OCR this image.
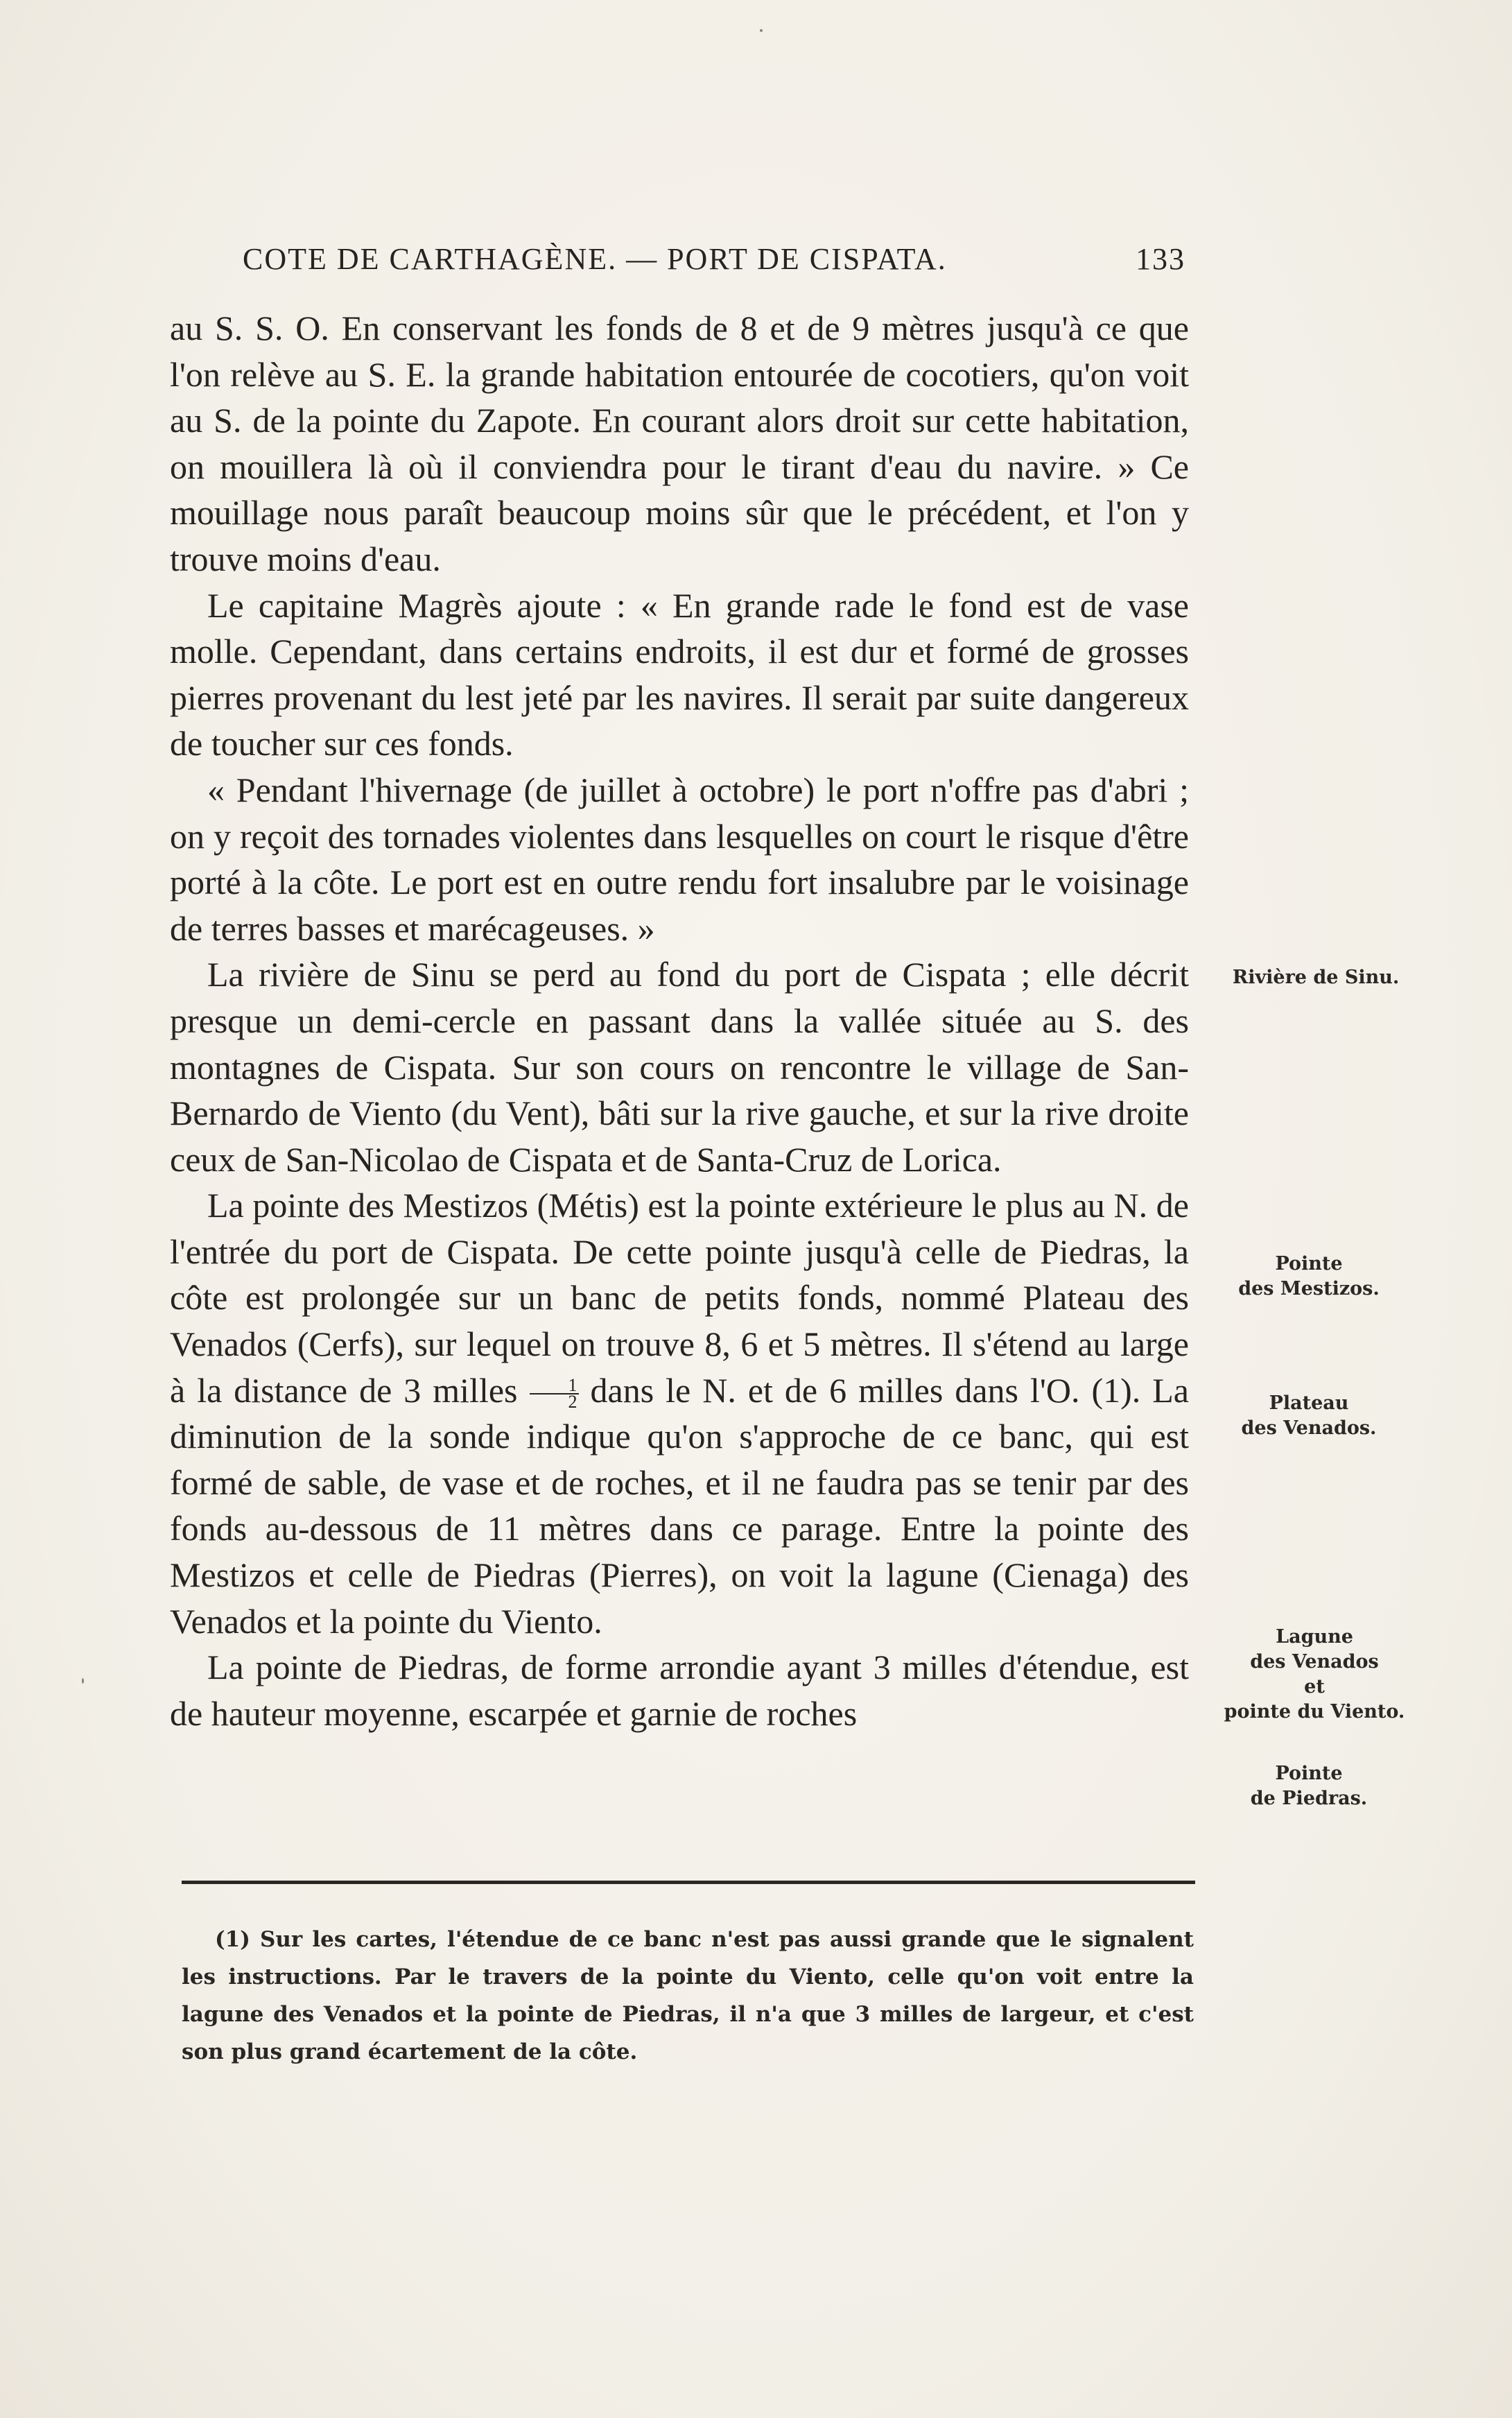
COTE DE CARTHAGÈNE. — PORT DE CISPATA.	133

au S. S. O. En conservant les fonds de 8 et de 9 mètres jusqu'à ce que l'on relève au S. E. la grande habitation entourée de cocotiers, qu'on voit au S. de la pointe du Zapote. En courant alors droit sur cette habitation, on mouillera là où il conviendra pour le tirant d'eau du navire. » Ce mouillage nous paraît beaucoup moins sûr que le précédent, et l'on y trouve moins d'eau.

Le capitaine Magrès ajoute : « En grande rade le fond est de vase molle. Cependant, dans certains endroits, il est dur et formé de grosses pierres provenant du lest jeté par les navires. Il serait par suite dangereux de toucher sur ces fonds.

« Pendant l'hivernage (de juillet à octobre) le port n'offre pas d'abri ; on y reçoit des tornades violentes dans lesquelles on court le risque d'être porté à la côte. Le port est en outre rendu fort insalubre par le voisinage de terres basses et marécageuses. »

La rivière de Sinu se perd au fond du port de Cispata ; elle décrit presque un demi-cercle en passant dans la vallée située au S. des montagnes de Cispata. Sur son cours on rencontre le village de San-Bernardo de Viento (du Vent), bâti sur la rive gauche, et sur la rive droite ceux de San-Nicolao de Cispata et de Santa-Cruz de Lorica.

La pointe des Mestizos (Métis) est la pointe extérieure le plus au N. de l'entrée du port de Cispata. De cette pointe jusqu'à celle de Piedras, la côte est prolongée sur un banc de petits fonds, nommé Plateau des Venados (Cerfs), sur lequel on trouve 8, 6 et 5 mètres. Il s'étend au large à la distance de 3 milles $\frac{1}{2}$ dans le N. et de 6 milles dans l'O. (1). La diminution de la sonde indique qu'on s'approche de ce banc, qui est formé de sable, de vase et de roches, et il ne faudra pas se tenir par des fonds au-dessous de 11 mètres dans ce parage. Entre la pointe des Mestizos et celle de Piedras (Pierres), on voit la lagune (Cienaga) des Venados et la pointe du Viento.

La pointe de Piedras, de forme arrondie ayant 3 milles d'étendue, est de hauteur moyenne, escarpée et garnie de roches

Rivière de Sinu.
Pointe
des Mestizos.
Plateau
des Venados.
Lagune
des Venados
et
pointe du Viento.
Pointe
de Piedras.

(1) Sur les cartes, l'étendue de ce banc n'est pas aussi grande que le signalent les instructions. Par le travers de la pointe du Viento, celle qu'on voit entre la lagune des Venados et la pointe de Piedras, il n'a que 3 milles de largeur, et c'est son plus grand écartement de la côte.
